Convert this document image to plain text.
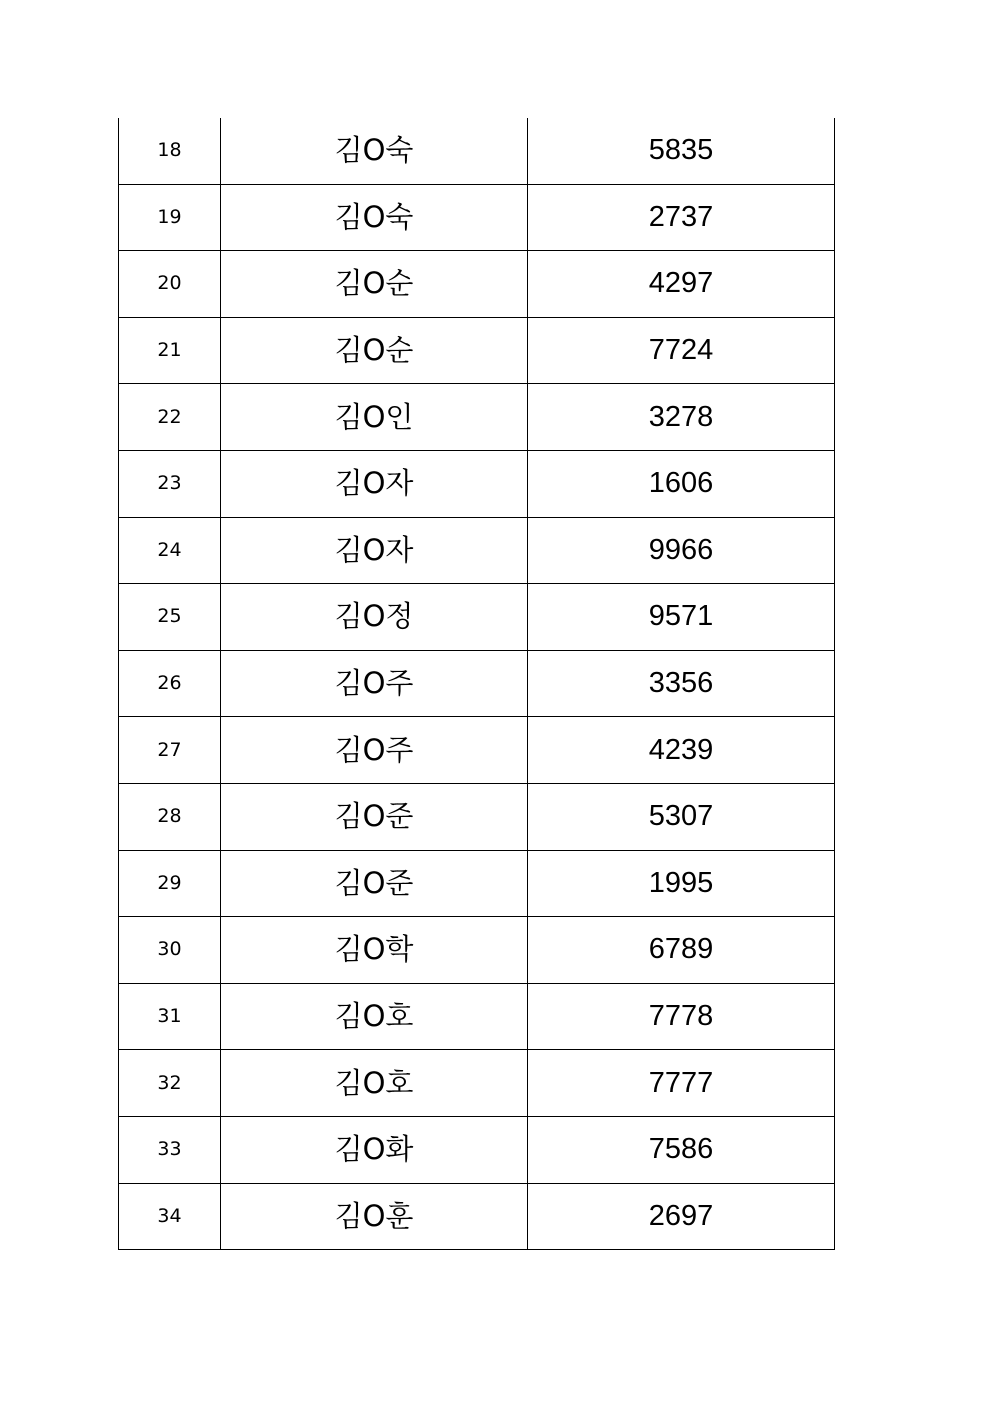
18	김O숙	5835
19	김O숙	2737
20	김O순	4297
21	김O순	7724
22	김O인	3278
23	김O자	1606
24	김O자	9966
25	김O정	9571
26	김O주	3356
27	김O주	4239
28	김O준	5307
29	김O준	1995
30	김O학	6789
31	김O호	7778
32	김O호	7777
33	김O화	7586
34	김O훈	2697
